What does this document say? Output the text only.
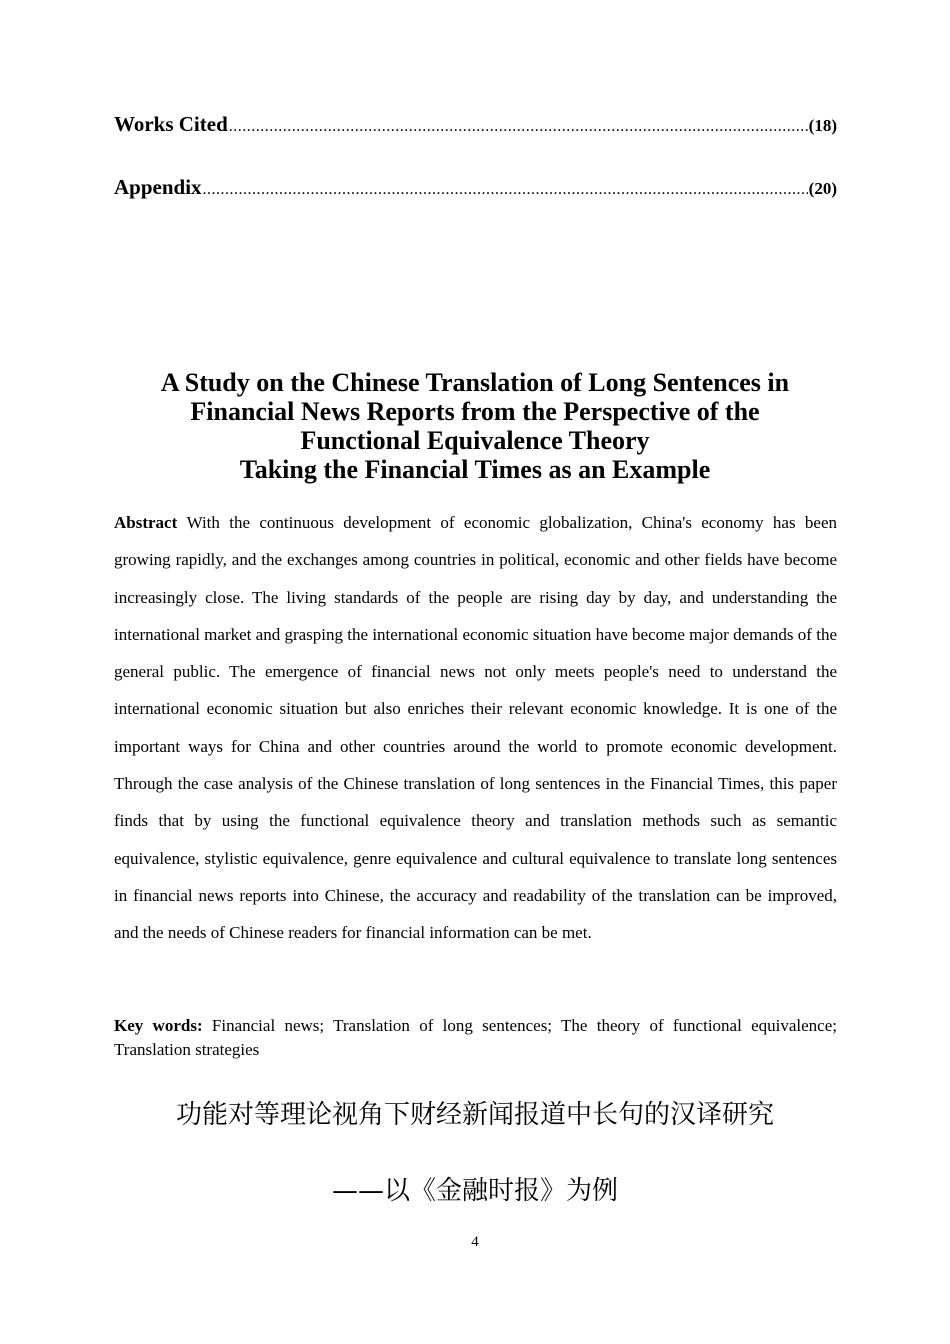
Works Cited .....	(18)
Appendix .....	(20)
A Study on the Chinese Translation of Long Sentences in
Financial News Reports from the Perspective of the
Functional Equivalence Theory
Taking the Financial Times as an Example
Abstract With the continuous development of economic globalization, China's economy has been growing rapidly, and the exchanges among countries in political, economic and other fields have become increasingly close. The living standards of the people are rising day by day, and understanding the international market and grasping the international economic situation have become major demands of the general public. The emergence of financial news not only meets people's need to understand the international economic situation but also enriches their relevant economic knowledge. It is one of the important ways for China and other countries around the world to promote economic development. Through the case analysis of the Chinese translation of long sentences in the Financial Times, this paper finds that by using the functional equivalence theory and translation methods such as semantic equivalence, stylistic equivalence, genre equivalence and cultural equivalence to translate long sentences in financial news reports into Chinese, the accuracy and readability of the translation can be improved, and the needs of Chinese readers for financial information can be met.
Key words: Financial news; Translation of long sentences; The theory of functional equivalence; Translation strategies
功能对等理论视角下财经新闻报道中长句的汉译研究
——以《金融时报》为例
4
